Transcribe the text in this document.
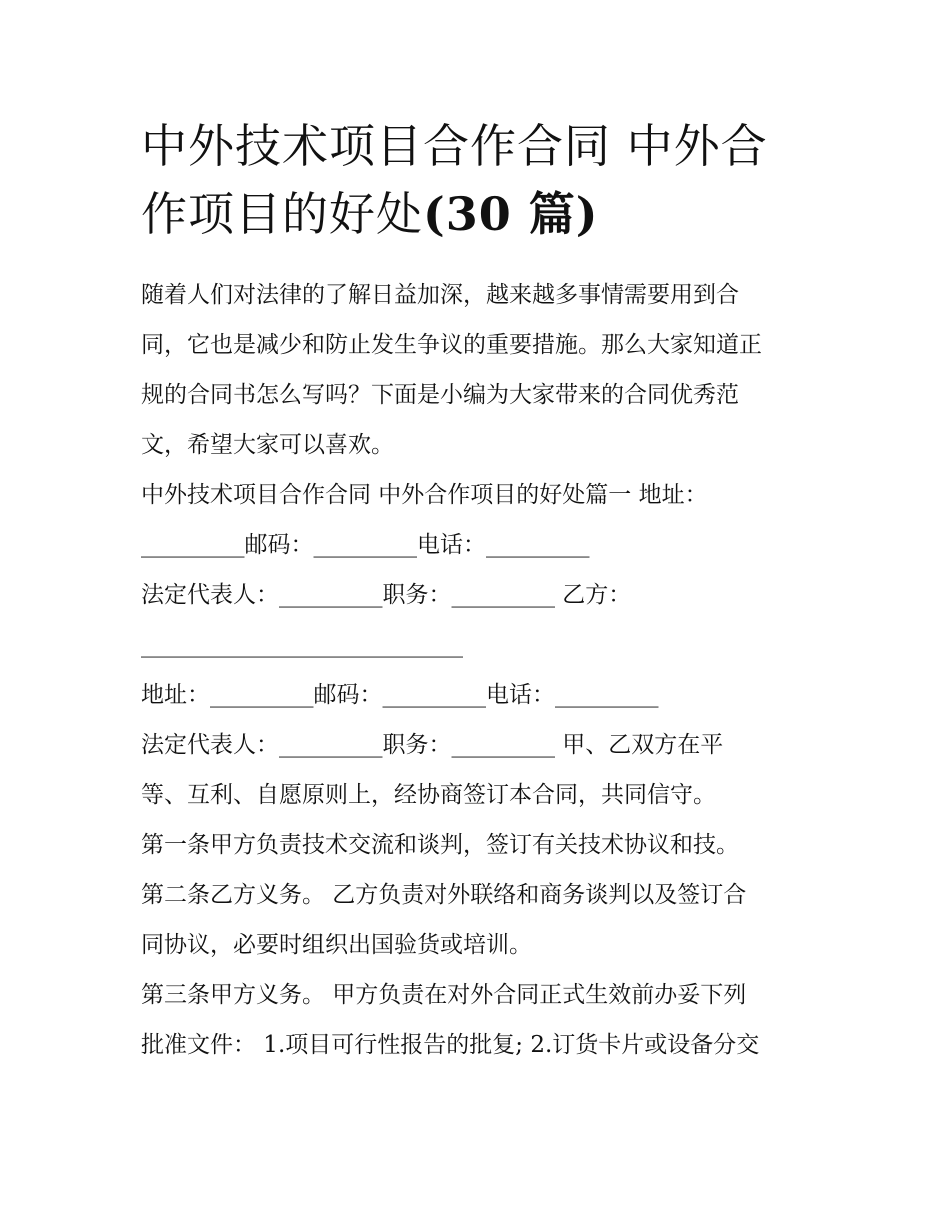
中外技术项目合作合同 中外合
作项目的好处(30 篇)

随着人们对法律的了解日益加深，越来越多事情需要用到合
同，它也是减少和防止发生争议的重要措施。那么大家知道正
规的合同书怎么写吗？下面是小编为大家带来的合同优秀范
文，希望大家可以喜欢。

中外技术项目合作合同 中外合作项目的好处篇一 地址：
_________邮码：_________电话：_________
法定代表人：_________职务：_________ 乙方：
____________________________
地址：_________邮码：_________电话：_________
法定代表人：_________职务：_________ 甲、乙双方在平
等、互利、自愿原则上，经协商签订本合同，共同信守。
第一条甲方负责技术交流和谈判，签订有关技术协议和技。
第二条乙方义务。 乙方负责对外联络和商务谈判以及签订合
同协议，必要时组织出国验货或培训。
第三条甲方义务。 甲方负责在对外合同正式生效前办妥下列
批准文件： 1.项目可行性报告的批复; 2.订货卡片或设备分交
